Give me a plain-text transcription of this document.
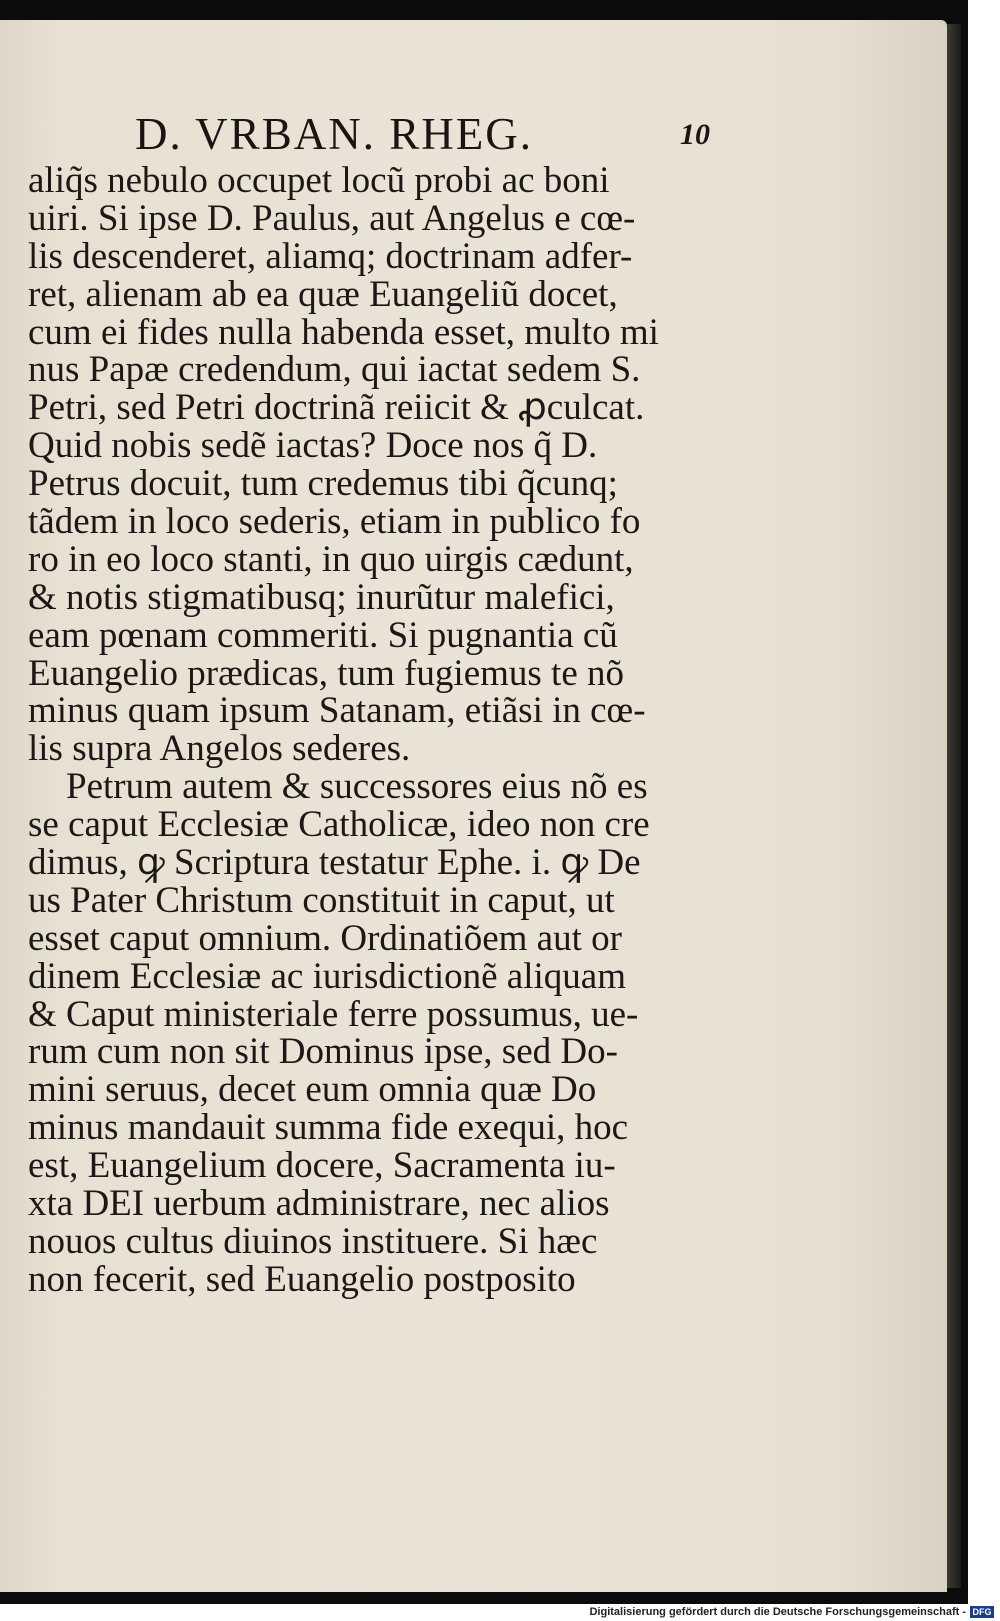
D. VRBAN. RHEG.	10
aliq̃s nebulo occupet locũ probi ac boni
uiri. Si ipse D. Paulus, aut Angelus e cœ-
lis descenderet, aliamq; doctrinam adfer-
ret, alienam ab ea quæ Euangeliũ docet,
cum ei fides nulla habenda esset, multo mi
nus Papæ credendum, qui iactat sedem S.
Petri, sed Petri doctrinã reiicit & ꝓculcat.
Quid nobis sedẽ iactas? Doce nos q̃ D.
Petrus docuit, tum credemus tibi q̃cunq;
tãdem in loco sederis, etiam in publico fo
ro in eo loco stanti, in quo uirgis cædunt,
& notis stigmatibusq; inurũtur malefici,
eam pœnam commeriti. Si pugnantia cũ
Euangelio prædicas, tum fugiemus te nõ
minus quam ipsum Satanam, etiãsi in cœ-
lis supra Angelos sederes.
Petrum autem & successores eius nõ es
se caput Ecclesiæ Catholicæ, ideo non cre
dimus, ꝙ Scriptura testatur Ephe. i. ꝙ De
us Pater Christum constituit in caput, ut
esset caput omnium. Ordinatiõem aut or
dinem Ecclesiæ ac iurisdictionẽ aliquam
& Caput ministeriale ferre possumus, ue-
rum cum non sit Dominus ipse, sed Do-
mini seruus, decet eum omnia quæ Do
minus mandauit summa fide exequi, hoc
est, Euangelium docere, Sacramenta iu-
xta DEI uerbum administrare, nec alios
nouos cultus diuinos instituere. Si hæc
non fecerit, sed Euangelio postposito
Digitalisierung gefördert durch die Deutsche Forschungsgemeinschaft - DFG
